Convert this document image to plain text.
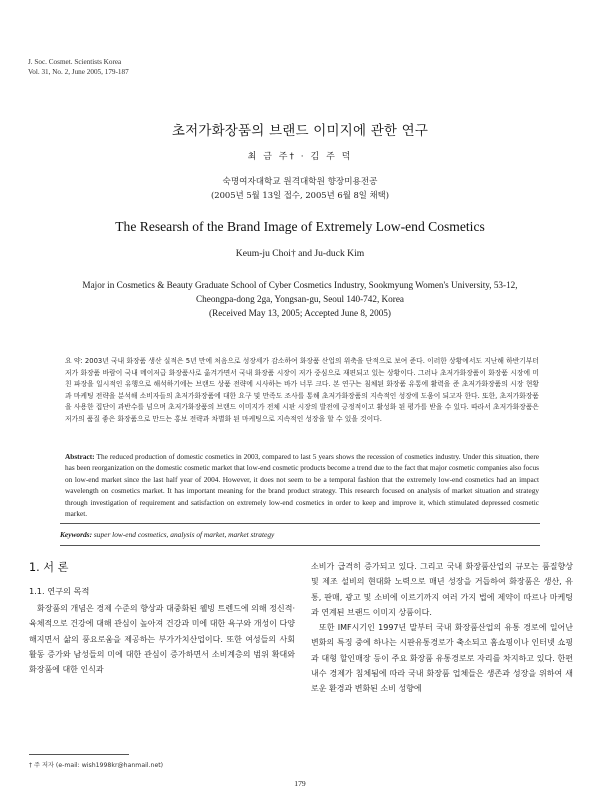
J. Soc. Cosmet. Scientists Korea
Vol. 31, No. 2, June 2005, 179-187
초저가화장품의 브랜드 이미지에 관한 연구
최 금 주† · 김 주 덕
숙명여자대학교 원격대학원 향장미용전공
(2005년 5월 13일 접수, 2005년 6월 8일 채택)
The Researsh of the Brand Image of Extremely Low-end Cosmetics
Keum-ju Choi† and Ju-duck Kim
Major in Cosmetics & Beauty Graduate School of Cyber Cosmetics Industry, Sookmyung Women's University, 53-12,
Cheongpa-dong 2ga, Yongsan-gu, Seoul 140-742, Korea
(Received May 13, 2005; Accepted June 8, 2005)
요 약: 2003년 국내 화장품 생산 실적은 5년 만에 처음으로 성장세가 감소하여 화장품 산업의 위축을 단적으로 보여 준다. 이러한 상황에서도 지난해 하반기부터 저가 화장품 바람이 국내 메이저급 화장품사로 옮겨가면서 국내 화장품 시장이 저가 중심으로 재편되고 있는 상황이다. 그러나 초저가화장품이 화장품 시장에 미친 파장을 일시적인 유행으로 해석하기에는 브랜드 상품 전략에 시사하는 바가 너무 크다. 본 연구는 침체된 화장품 유통에 활력을 준 초저가화장품의 시장 현황과 마케팅 전략을 분석해 소비자들의 초저가화장품에 대한 요구 및 만족도 조사를 통해 초저가화장품의 지속적인 성장에 도움이 되고자 한다. 또한, 초저가화장품을 사용한 집단이 과반수를 넘으며 초저가화장품의 브랜드 이미지가 전체 시판 시장의 발전에 긍정적이고 활성화 된 평가를 받을 수 있다. 따라서 초저가화장품은 저가의 품질 좋은 화장품으로 만드는 홍보 전략과 차별화 된 마케팅으로 지속적인 성장을 할 수 있을 것이다.
Abstract: The reduced production of domestic cosmetics in 2003, compared to last 5 years shows the recession of cosmetics industry. Under this situation, there has been reorganization on the domestic cosmetic market that low-end cosmetic products become a trend due to the fact that major cosmetic companies also focus on low-end market since the last half year of 2004. However, it does not seem to be a temporal fashion that the extremely low-end cosmetics had an impact wavelength on cosmetics market. It has important meaning for the brand product strategy. This research focused on analysis of market situation and strategy through investigation of requirement and satisfaction on extremely low-end cosmetics in order to keep and improve it, which stimulated depressed cosmetic market.
Keywords: super low-end cosmetics, analysis of market, market strategy
1. 서 론
1.1. 연구의 목적
화장품의 개념은 경제 수준의 향상과 대중화된 웰빙 트렌드에 의해 정신적·육체적으로 건강에 대해 관심이 높아져 건강과 미에 대한 욕구와 개성이 다양해지면서 삶의 풍요로움을 제공하는 부가가치산업이다. 또한 여성들의 사회활동 증가와 남성들의 미에 대한 관심이 증가하면서 소비계층의 범위 확대와 화장품에 대한 인식과
소비가 급격히 증가되고 있다. 그리고 국내 화장품산업의 규모는 품질향상 및 제조 설비의 현대화 노력으로 매년 성장을 거듭하여 화장품은 생산, 유통, 판매, 광고 및 소비에 이르기까지 여러 가지 법에 제약이 따르나 마케팅과 연계된 브랜드 이미지 상품이다.
또한 IMF시기인 1997년 말부터 국내 화장품산업의 유통 경로에 일어난 변화의 특징 중에 하나는 시판유통경로가 축소되고 홈쇼핑이나 인터넷 쇼핑과 대형 할인매장 등이 주요 화장품 유통경로로 자리를 차지하고 있다. 한편 내수 경제가 침체됨에 따라 국내 화장품 업체들은 생존과 성장을 위하여 새로운 환경과 변화된 소비 성향에
† 주 저자 (e-mail: wish1998kr@hanmail.net)
179
